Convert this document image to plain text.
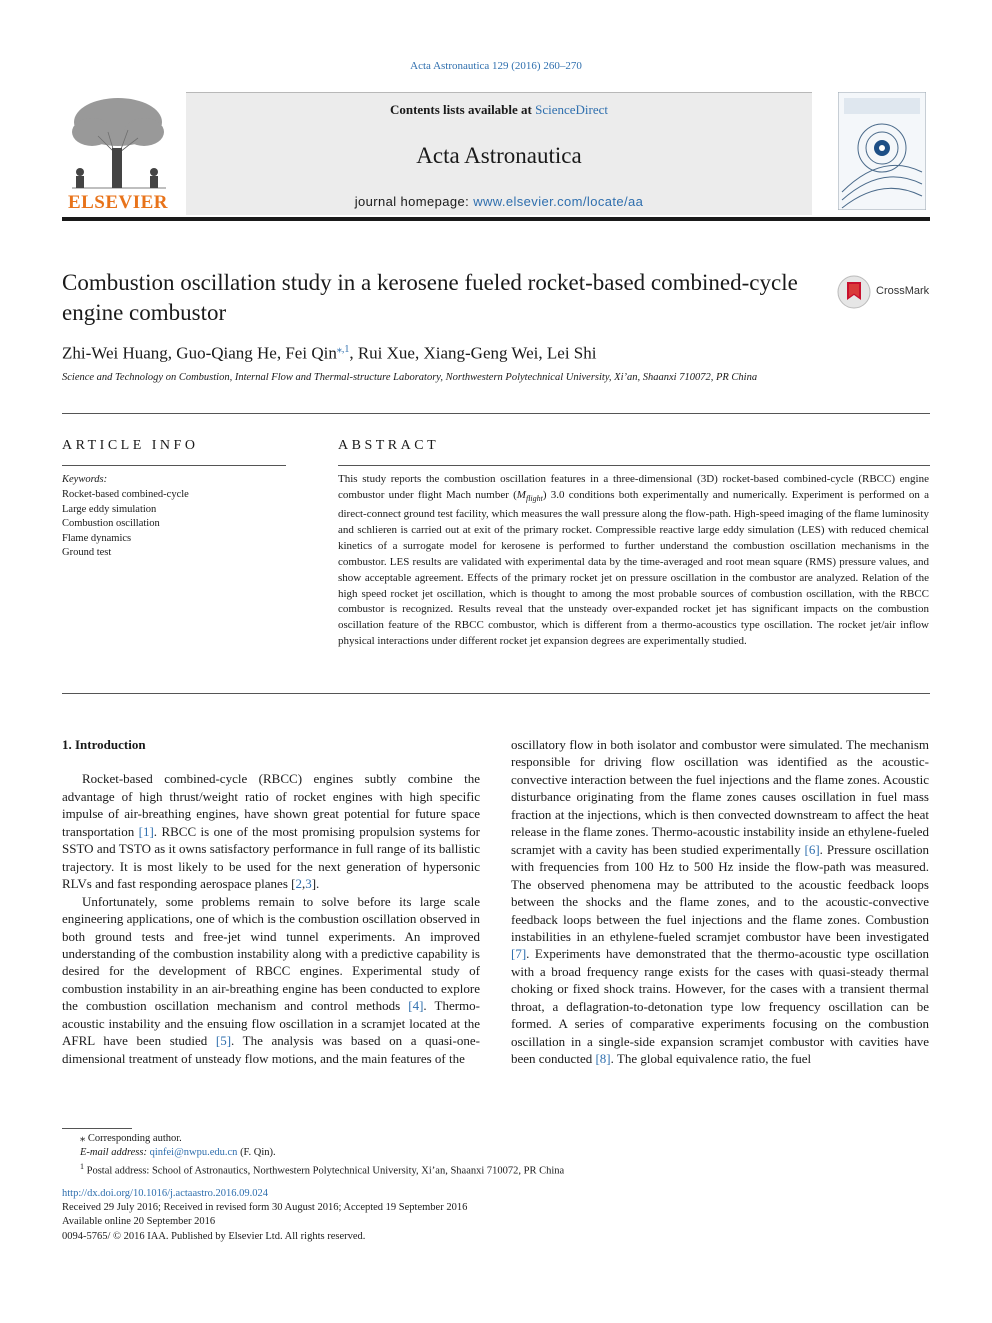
Acta Astronautica 129 (2016) 260–270
ELSEVIER
Contents lists available at ScienceDirect
Acta Astronautica
journal homepage: www.elsevier.com/locate/aa
Combustion oscillation study in a kerosene fueled rocket-based combined-cycle engine combustor
CrossMark
Zhi-Wei Huang, Guo-Qiang He, Fei Qin$^{⁎,1}$, Rui Xue, Xiang-Geng Wei, Lei Shi
Science and Technology on Combustion, Internal Flow and Thermal-structure Laboratory, Northwestern Polytechnical University, Xi’an, Shaanxi 710072, PR China
ARTICLE INFO
Keywords:
Rocket-based combined-cycle
Large eddy simulation
Combustion oscillation
Flame dynamics
Ground test
ABSTRACT
This study reports the combustion oscillation features in a three-dimensional (3D) rocket-based combined-cycle (RBCC) engine combustor under flight Mach number $(M_{flight})$ 3.0 conditions both experimentally and numerically. Experiment is performed on a direct-connect ground test facility, which measures the wall pressure along the flow-path. High-speed imaging of the flame luminosity and schlieren is carried out at exit of the primary rocket. Compressible reactive large eddy simulation (LES) with reduced chemical kinetics of a surrogate model for kerosene is performed to further understand the combustion oscillation mechanisms in the combustor. LES results are validated with experimental data by the time-averaged and root mean square (RMS) pressure values, and show acceptable agreement. Effects of the primary rocket jet on pressure oscillation in the combustor are analyzed. Relation of the high speed rocket jet oscillation, which is thought to among the most probable sources of combustion oscillation, with the RBCC combustor is recognized. Results reveal that the unsteady over-expanded rocket jet has significant impacts on the combustion oscillation feature of the RBCC combustor, which is different from a thermo-acoustics type oscillation. The rocket jet/air inflow physical interactions under different rocket jet expansion degrees are experimentally studied.
1. Introduction

Rocket-based combined-cycle (RBCC) engines subtly combine the advantage of high thrust/weight ratio of rocket engines with high specific impulse of air-breathing engines, have shown great potential for future space transportation [1]. RBCC is one of the most promising propulsion systems for SSTO and TSTO as it owns satisfactory performance in full range of its ballistic trajectory. It is most likely to be used for the next generation of hypersonic RLVs and fast responding aerospace planes [2,3].

Unfortunately, some problems remain to solve before its large scale engineering applications, one of which is the combustion oscillation observed in both ground tests and free-jet wind tunnel experiments. An improved understanding of the combustion instability along with a predictive capability is desired for the development of RBCC engines. Experimental study of combustion instability in an air-breathing engine has been conducted to explore the combustion oscillation mechanism and control methods [4]. Thermo-acoustic instability and the ensuing flow oscillation in a scramjet located at the AFRL have been studied [5]. The analysis was based on a quasi-one-dimensional treatment of unsteady flow motions, and the main features of the

oscillatory flow in both isolator and combustor were simulated. The mechanism responsible for driving flow oscillation was identified as the acoustic-convective interaction between the fuel injections and the flame zones. Acoustic disturbance originating from the flame zones causes oscillation in fuel mass fraction at the injections, which is then convected downstream to affect the heat release in the flame zones. Thermo-acoustic instability inside an ethylene-fueled scramjet with a cavity has been studied experimentally [6]. Pressure oscillation with frequencies from 100 Hz to 500 Hz inside the flow-path was measured. The observed phenomena may be attributed to the acoustic feedback loops between the shocks and the flame zones, and to the acoustic-convective feedback loops between the fuel injections and the flame zones. Combustion instabilities in an ethylene-fueled scramjet combustor have been investigated [7]. Experiments have demonstrated that the thermo-acoustic type oscillation with a broad frequency range exists for the cases with quasi-steady thermal choking or fixed shock trains. However, for the cases with a transient thermal throat, a deflagration-to-detonation type low frequency oscillation can be formed. A series of comparative experiments focusing on the combustion oscillation in a single-side expansion scramjet combustor with cavities have been conducted [8]. The global equivalence ratio, the fuel

⁎ Corresponding author.
E-mail address: qinfei@nwpu.edu.cn (F. Qin).
$^1$ Postal address: School of Astronautics, Northwestern Polytechnical University, Xi’an, Shaanxi 710072, PR China
http://dx.doi.org/10.1016/j.actaastro.2016.09.024
Received 29 July 2016; Received in revised form 30 August 2016; Accepted 19 September 2016
Available online 20 September 2016
0094-5765/ © 2016 IAA. Published by Elsevier Ltd. All rights reserved.
